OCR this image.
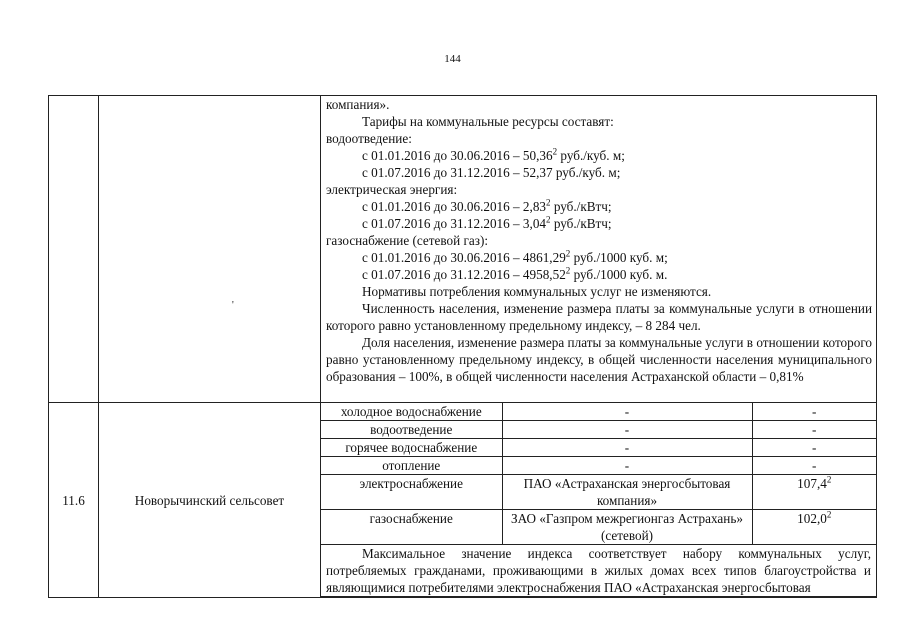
144

компания».

Тарифы на коммунальные ресурсы составят:

водоотведение:

с 01.01.2016 до 30.06.2016 – 50,36$^2$ руб./куб. м;

с 01.07.2016 до 31.12.2016 – 52,37 руб./куб. м;

электрическая энергия:

с 01.01.2016 до 30.06.2016 – 2,83$^2$ руб./кВтч;

с 01.07.2016 до 31.12.2016 – 3,04$^2$ руб./кВтч;

газоснабжение (сетевой газ):

с 01.01.2016 до 30.06.2016 – 4861,29$^2$ руб./1000 куб. м;

с 01.07.2016 до 31.12.2016 – 4958,52$^2$ руб./1000 куб. м.

Нормативы потребления коммунальных услуг не изменяются.

Численность населения, изменение размера платы за коммунальные услуги в отношении которого равно установленному предельному индексу, – 8 284 чел.

Доля населения, изменение размера платы за коммунальные услуги в отношении которого равно установленному предельному индексу, в общей численности населения муниципального образования – 100%, в общей численности населения Астраханской области – 0,81%

11.6	Новорычинский сельсовет	
холодное водоснабжение	-	-
водоотведение	-	-
горячее водоснабжение	-	-
отопление	-	-
электроснабжение	ПАО «Астраханская энергосбытовая компания»	107,4$^2$
газоснабжение	ЗАО «Газпром межрегионгаз Астрахань» (сетевой)	102,0$^2$

Максимальное значение индекса соответствует набору коммунальных услуг, потребляемых гражданами, проживающими в жилых домах всех типов благоустройства и являющимися потребителями электроснабжения ПАО «Астраханская энергосбытовая
'
